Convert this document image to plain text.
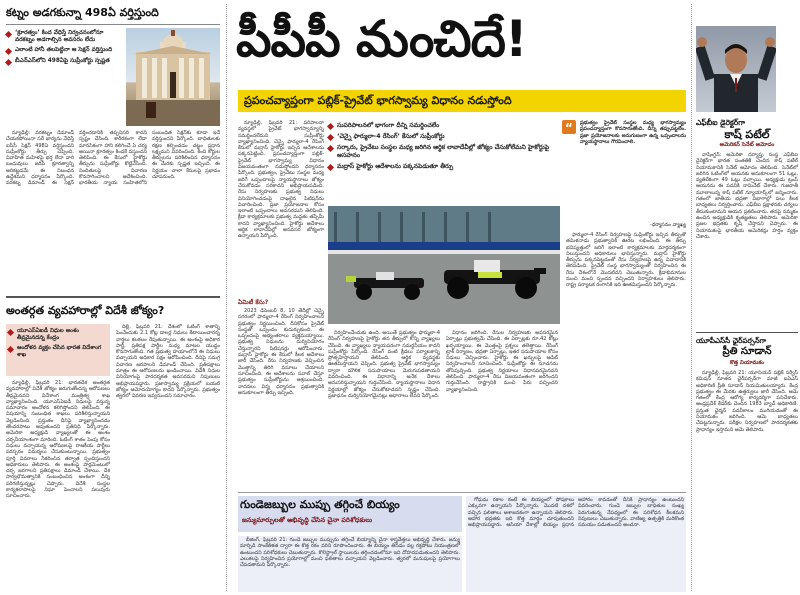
కట్నం అడగకున్నా 498ఏ వర్తిస్తుంది
‘క్రూరత్వం’ కింద వేధిస్తే నిర్వచనంలోనూ వరకట్నం అడగాల్సిన అవసరం లేదు
ఎలాంటి హానీ తలపెట్టినా ఆ సెక్షన్ వర్తిస్తుంది
బీఎన్ఎస్‌లోని 498ఏపై సుప్రీంకోర్టు స్పష్టత

న్యూఢిల్లీ: వరకట్నం డిమాండ్ చేయకపోయినా సరే భార్యను వేధిస్తే ఐపీసీ సెక్షన్ 498ఏ వర్తిస్తుందని సుప్రీంకోర్టు తీర్పు చెప్పింది. వివాహిత మహిళపై భర్త లేదా వారి బంధువులు జరిపే క్రూరత్వాన్ని అరికట్టడమే ఈ నిబంధన ఉద్దేశమని ధర్మాసనం పేర్కొంది. వరకట్న డిమాండ్ ఈ సెక్షన్ వర్తించడానికి తప్పనిసరి కాదని స్పష్టం చేసింది. శారీరకంగా లేదా మానసికంగా హాని కలిగించే ఏ చర్య అయినా క్రూరత్వం కిందకే వస్తుందని తెలిపింది. ఈ కేసులో హైకోర్టు తీర్పును సుప్రీంకోర్టు కొట్టివేసింది. నిందితులపై విచారణ కొనసాగించాలని ఆదేశించింది. భారతీయ న్యాయ సంహితలోని సంబంధిత సెక్షన్‌కు కూడా ఇదే వర్తిస్తుందని పేర్కొంది. బాధితులకు రక్షణ కల్పించడం చట్టం ప్రధాన లక్ష్యమని వివరించింది. కింది కోర్టుల తీర్పులను పరిశీలించిన ధర్మాసనం ఈ మేరకు స్పష్టత ఇచ్చింది. ఈ నిర్ణయం చాలా కేసులపై ప్రభావం చూపనుంది.

అంతర్గత వ్యవహారాల్లో విదేశీ జోక్యం?
యూఎస్ఏఐడీ నిధుల అంశం తీవ్రమైనదన్న కేంద్రం
ఆందోళన వ్యక్తం చేసిన భారత విదేశాంగ శాఖ

న్యూఢిల్లీ, ఫిబ్రవరి 21: భారతదేశ అంతర్గత వ్యవహారాల్లో విదేశీ జోక్యం జరుగుతోందన్న ఆరోపణలు తీవ్రమైనవని విదేశాంగ మంత్రిత్వ శాఖ వ్యాఖ్యానించింది. యూఎస్ఏఐడీ నిధులపై వస్తున్న సమాచారం ఆందోళన కలిగిస్తోందని తెలిపింది. ఈ విషయాన్ని సంబంధిత శాఖలు పరిశీలిస్తున్నాయని వెల్లడించింది. ప్రస్తుతం దీనిపై వ్యాఖ్యానించడం తొందరపాటు అవుతుందని ప్రతినిధి పేర్కొన్నారు. అమెరికా అధ్యక్షుడి వ్యాఖ్యలతో ఈ అంశం చర్చనీయాంశంగా మారింది. ఓటింగ్ శాతం పెంపు కోసం నిధులు వచ్చాయన్న ఆరోపణలపై రాజకీయ పార్టీలు పరస్పరం విమర్శలు చేసుకుంటున్నాయి. ప్రభుత్వం పూర్తి వివరాలు సేకరించిన తర్వాత స్పందిస్తుందని అధికారులు తెలిపారు. ఈ అంశంపై పార్లమెంటులో చర్చ జరగాలని ప్రతిపక్షాలు డిమాండ్ చేశాయి. దేశ సార్వభౌమత్వానికి సంబంధించిన అంశంగా దీన్ని పరిగణిస్తున్నట్లు చెప్పారు. విదేశీ సంస్థల కార్యకలాపాలపై నిఘా పెంచాలని పలువురు సూచించారు.

దిల్లీ, ఫిబ్రవరి 21: దేశంలో ఓటింగ్ శాతాన్ని పెంచేందుకు 2.1 కోట్ల డాలర్ల నిధులు కేటాయించారన్న వార్తలు కలకలం రేపుతున్నాయి. ఈ అంశంపై అధికార పార్టీ, ప్రతిపక్ష పార్టీల మధ్య మాటల యుద్ధం కొనసాగుతోంది. గత ప్రభుత్వ హయాంలోనే ఈ నిధులు వచ్చాయని అధికార పక్షం ఆరోపించింది. దీనిపై సమగ్ర విచారణ జరపాలని డిమాండ్ చేసింది. ప్రతిపక్షాలు మాత్రం ఈ ఆరోపణలను ఖండించాయి. విదేశీ నిధుల వినియోగంపై పారదర్శకత అవసరమని నిపుణులు అభిప్రాయపడ్డారు. ప్రజాస్వామ్య ప్రక్రియలో బయటి జోక్యం ఆమోదయోగ్యం కాదని పేర్కొన్నారు. ప్రభుత్వం త్వరలో వివరణ ఇవ్వనుందని సమాచారం.

పీపీపీ మంచిదే!
ప్రపంచవ్యాప్తంగా పబ్లిక్‌-ప్రైవేట్‌ భాగస్వామ్య విధానం నడుస్తోంది

న్యూఢిల్లీ, ఫిబ్రవరి 21: పరిపాలనా వ్యవస్థలో ప్రైవేట్ భాగస్వామ్యాన్ని సమర్థించలేమని సుప్రీంకోర్టు వ్యాఖ్యానించింది. చెన్నై ఫార్ములా-4 రేసింగ్ కేసులో మద్రాస్ హైకోర్టు ఇచ్చిన ఆదేశాలను పక్కనపెట్టింది. ప్రపంచవ్యాప్తంగా పబ్లిక్-ప్రైవేట్ భాగస్వామ్య విధానం విజయవంతంగా నడుస్తోందని ధర్మాసనం పేర్కొంది. ప్రభుత్వం, ప్రైవేటు సంస్థల మధ్య జరిగే ఒప్పందాలపై న్యాయస్థానాలు జోక్యం చేసుకోవడం సరికాదని అభిప్రాయపడింది. రేసు నిర్వహణకు ప్రభుత్వ నిధులు వినియోగించడంపై దాఖలైన పిటిషన్‌ను విచారించింది. ప్రజా ప్రయోజనాల కోసం ఇలాంటి ఒప్పందాలు అవసరమని తెలిపింది. క్రీడా కార్యక్రమాలకు ప్రభుత్వ మద్దతు తప్పేమీ కాదని వ్యాఖ్యానించింది. హైకోర్టు ఆదేశాలు ఆర్థిక లావాదేవీల్లో అనవసర జోక్యంగా ఉన్నాయని పేర్కొంది.

ఏమిటీ కేసు?

2023 డిసెంబర్ 8, 10 తేదీల్లో చెన్నై నగరంలో ఫార్ములా-4 రేసింగ్ నిర్వహించాలని ప్రభుత్వం నిర్ణయించింది. దీనికోసం ప్రైవేట్ సంస్థతో ఒప్పందం కుదుర్చుకుంది. ఈ ఒప్పందంపై అభ్యంతరాలు వ్యక్తమయ్యాయి. ప్రభుత్వ నిధులను దుర్వినియోగం చేస్తున్నారని పిటిషనర్లు ఆరోపించారు. మద్రాస్ హైకోర్టు ఈ కేసులో కీలక ఆదేశాలు జారీ చేసింది. రేసు నిర్వహణకు వెచ్చించిన మొత్తాన్ని తిరిగి వసూలు చేయాలని సూచించింది. ఈ ఆదేశాలను సవాల్ చేస్తూ ప్రభుత్వం సుప్రీంకోర్టును ఆశ్రయించింది. వాదనలు విన్న ధర్మాసనం ప్రభుత్వానికి అనుకూలంగా తీర్పు ఇచ్చింది.

సుపరిపాలనలో భాగంగా దీన్ని సమర్థించలేం
‘చెన్నై ఫార్ములా-4 రేసింగ్‌’ కేసులో సుప్రీంకోర్టు
సర్కారు, ప్రైవేటు సంస్థల మధ్య జరిగిన ఆర్థిక లావాదేవీల్లో జోక్యం చేసుకోలేమని హైకోర్టుపై అసహనం
మద్రాస్‌ హైకోర్టు ఆదేశాలను పక్కనపెడుతూ తీర్పు

నిర్వహించేందుకు ఉంది. అయితే ప్రభుత్వం ఫార్ములా-4 రేసింగ్ నిర్వహణపై హైకోర్టు తన తీర్పులో కొన్ని వ్యాఖ్యలు చేసింది. ఈ వ్యాఖ్యలు న్యాయపరంగా సమర్థనీయం కాదని సుప్రీంకోర్టు పేర్కొంది. రేసింగ్ వంటి క్రీడలు పర్యాటకాన్ని ప్రోత్సహిస్తాయని తెలిపింది. ఆర్థిక వ్యవస్థకు ఊతమిస్తాయని చెప్పింది. ప్రభుత్వ ప్రైవేట్ భాగస్వామ్యం ద్వారా మౌలిక సదుపాయాలు మెరుగుపడతాయని వివరించింది. ఈ విధానాన్ని అనేక దేశాలు అనుసరిస్తున్నాయని గుర్తుచేసింది. న్యాయస్థానాలు విధాన నిర్ణయాల్లో జోక్యం చేసుకోకూడదని స్పష్టం చేసింది. ప్రజాధనం దుర్వినియోగమైనట్లు ఆధారాలు లేవని పేర్కొంది.

విధానం జరిగింది. రేసుల నిర్వహణకు అవసరమైన ఏర్పాట్లు ప్రభుత్వమే చేసింది. ఈ ఏర్పాట్లకు రూ.42 కోట్లు ఖర్చయ్యాయి. ఈ మొత్తంపై ప్రశ్నలు తలెత్తాయి. రేసింగ్ ట్రాక్ నిర్మాణం, భద్రతా ఏర్పాట్లు, ఇతర సదుపాయాల కోసం నిధులు వెచ్చించారు. హైకోర్టు ఈ ఖర్చులపై ఆడిట్ నిర్వహించాలని సూచించింది. సుప్రీంకోర్టు ఈ సూచనను తోసిపుచ్చింది. ప్రభుత్వ నిర్ణయాలు విధానపరమైనవని తెలిపింది. ఫార్ములా-4 రేసు విజయవంతంగా జరిగిందని గుర్తుచేసింది. రాష్ట్రానికి మంచి పేరు వచ్చిందని వ్యాఖ్యానించింది.

“	ప్రభుత్వం ప్రైవేట్ సంస్థల మధ్య భాగస్వామ్యం ప్రపంచవ్యాప్తంగా కొనసాగుతోంది. దీన్ని తప్పుపట్టలేం. ప్రజా ప్రయోజనాలకు అనుగుణంగా ఉన్న ఒప్పందాలను న్యాయస్థానాలు గౌరవించాలి.

-ధర్మాసనం వ్యాఖ్య

ఫార్ములా-4 రేసింగ్ నిర్వహణపై సుప్రీంకోర్టు ఇచ్చిన తీర్పుతో తమిళనాడు ప్రభుత్వానికి ఊరట లభించింది. ఈ తీర్పు భవిష్యత్తులో జరిగే ఇలాంటి కార్యక్రమాలకు మార్గదర్శకంగా నిలుస్తుందని అధికారులు భావిస్తున్నారు. మద్రాస్ హైకోర్టు తీర్పును పక్కనపెట్టడంతో రేసు నిర్వహణపై ఉన్న వివాదానికి తెరపడింది. ప్రైవేట్ సంస్థ భాగస్వామ్యంతో నిర్వహించిన ఈ రేసు దేశంలోనే మొదటిదని చెబుతున్నారు. క్రీడాభిమానుల నుంచి మంచి స్పందన వచ్చిందని నిర్వాహకులు తెలిపారు. రాష్ట్ర పర్యాటక రంగానికి ఇది ఊతమిస్తుందని పేర్కొన్నారు.

గుండెజబ్బుల ముప్పు తగ్గించే బియ్యం
జన్యుమార్పులతో అభివృద్ధి చేసిన చైనా పరిశోధకులు

బీజింగ్, ఫిబ్రవరి 21: గుండె జబ్బుల ముప్పును తగ్గించే బియ్యాన్ని చైనా శాస్త్రవేత్తలు అభివృద్ధి చేశారు. జన్యు మార్పిడి సాంకేతికత ద్వారా ఈ కొత్త రకం వరిని రూపొందించారు. ఈ బియ్యం తినడం వల్ల రక్తపోటు నియంత్రణలో ఉంటుందని పరిశోధకులు చెబుతున్నారు. కొలెస్ట్రాల్ స్థాయిలను తగ్గించడంలోనూ ఇది దోహదపడుతుందని తెలిపారు. ఎలుకలపై నిర్వహించిన ప్రయోగాల్లో మంచి ఫలితాలు వచ్చాయని వెల్లడించారు. త్వరలో మనుషులపై ప్రయోగాలు చేపడతామని పేర్కొన్నారు.

గోధుమ రకాల కంటే ఈ బియ్యంలో పోషకాలు ఎక్కువగా ఉన్నాయని పేర్కొన్నారు. మొదటి దశలో వచ్చిన ఫలితాలు ఆశాజనకంగా ఉన్నాయని తెలిపారు. ఆహార భద్రతకు ఇది కొత్త మార్గం చూపుతుందని అభిప్రాయపడ్డారు. ఆసియా దేశాల్లో బియ్యం ప్రధాన ఆహారం కావడంతో దీనికి ప్రాధాన్యం ఉంటుందని వివరించారు. గుండె జబ్బుల బాధితుల సంఖ్య పెరుగుతున్న నేపథ్యంలో ఈ పరిశోధన కీలకమని నిపుణులు చెబుతున్నారు. వాణిజ్య ఉత్పత్తికి మరికొంత సమయం పడుతుందని అంచనా.

ఎఫ్‌బీఐ డైరెక్టర్‌గా
కాష్‌ పటేల్‌
అమెరికన్ సెనేట్ ఆమోదం

వాషింగ్టన్: అమెరికా దర్యాప్తు సంస్థ ఎఫ్‌బీఐ డైరెక్టర్‌గా భారత సంతతికి చెందిన కాష్ పటేల్ నియామకానికి సెనేట్ ఆమోదం తెలిపింది. సెనేట్‌లో జరిగిన ఓటింగ్‌లో ఆయనకు అనుకూలంగా 51 ఓట్లు, వ్యతిరేకంగా 49 ఓట్లు వచ్చాయి. అధ్యక్షుడు ట్రంప్ ఆయనను ఈ పదవికి నామినేట్ చేశారు. గుజరాతీ మూలాలున్న కాష్ పటేల్ న్యూయార్క్‌లో జన్మించారు. గతంలో జాతీయ భద్రతా విభాగాల్లో పలు కీలక బాధ్యతలు నిర్వర్తించారు. ఎఫ్‌బీఐ ప్రక్షాళనకు చర్యలు తీసుకుంటామని ఆయన ప్రకటించారు. తనపై నమ్మకం ఉంచిన అధ్యక్షుడికి కృతజ్ఞతలు తెలిపారు. అమెరికా ప్రజల భద్రతకు కృషి చేస్తానని చెప్పారు. ఈ నియామకంపై భారతీయ అమెరికన్లు హర్షం వ్యక్తం చేశారు.

యూపీఎస్‌సీ ఛైర్‌పర్సన్‌గా
ప్రీతి సూడాన్‌
కొత్త నియామకం

న్యూఢిల్లీ, ఫిబ్రవరి 21: యూనియన్ పబ్లిక్ సర్వీస్ కమిషన్ నూతన ఛైర్‌పర్సన్‌గా మాజీ ఐఏఎస్ అధికారిణి ప్రీతి సూడాన్ నియమితులయ్యారు. కేంద్ర ప్రభుత్వం ఈ మేరకు ఉత్తర్వులు జారీ చేసింది. ఆమె గతంలో కేంద్ర ఆరోగ్య కార్యదర్శిగా పనిచేశారు. ఆంధ్రప్రదేశ్ కేడర్‌కు చెందిన 1983 బ్యాచ్ అధికారిణి. ప్రస్తుత ఛైర్మన్ పదవీకాలం ముగియడంతో ఈ నియామకం జరిగింది. ఆమె బాధ్యతలు చేపట్టనున్నారు. పరీక్షల నిర్వహణలో పారదర్శకతకు ప్రాధాన్యం ఇస్తామని ఆమె తెలిపారు.
